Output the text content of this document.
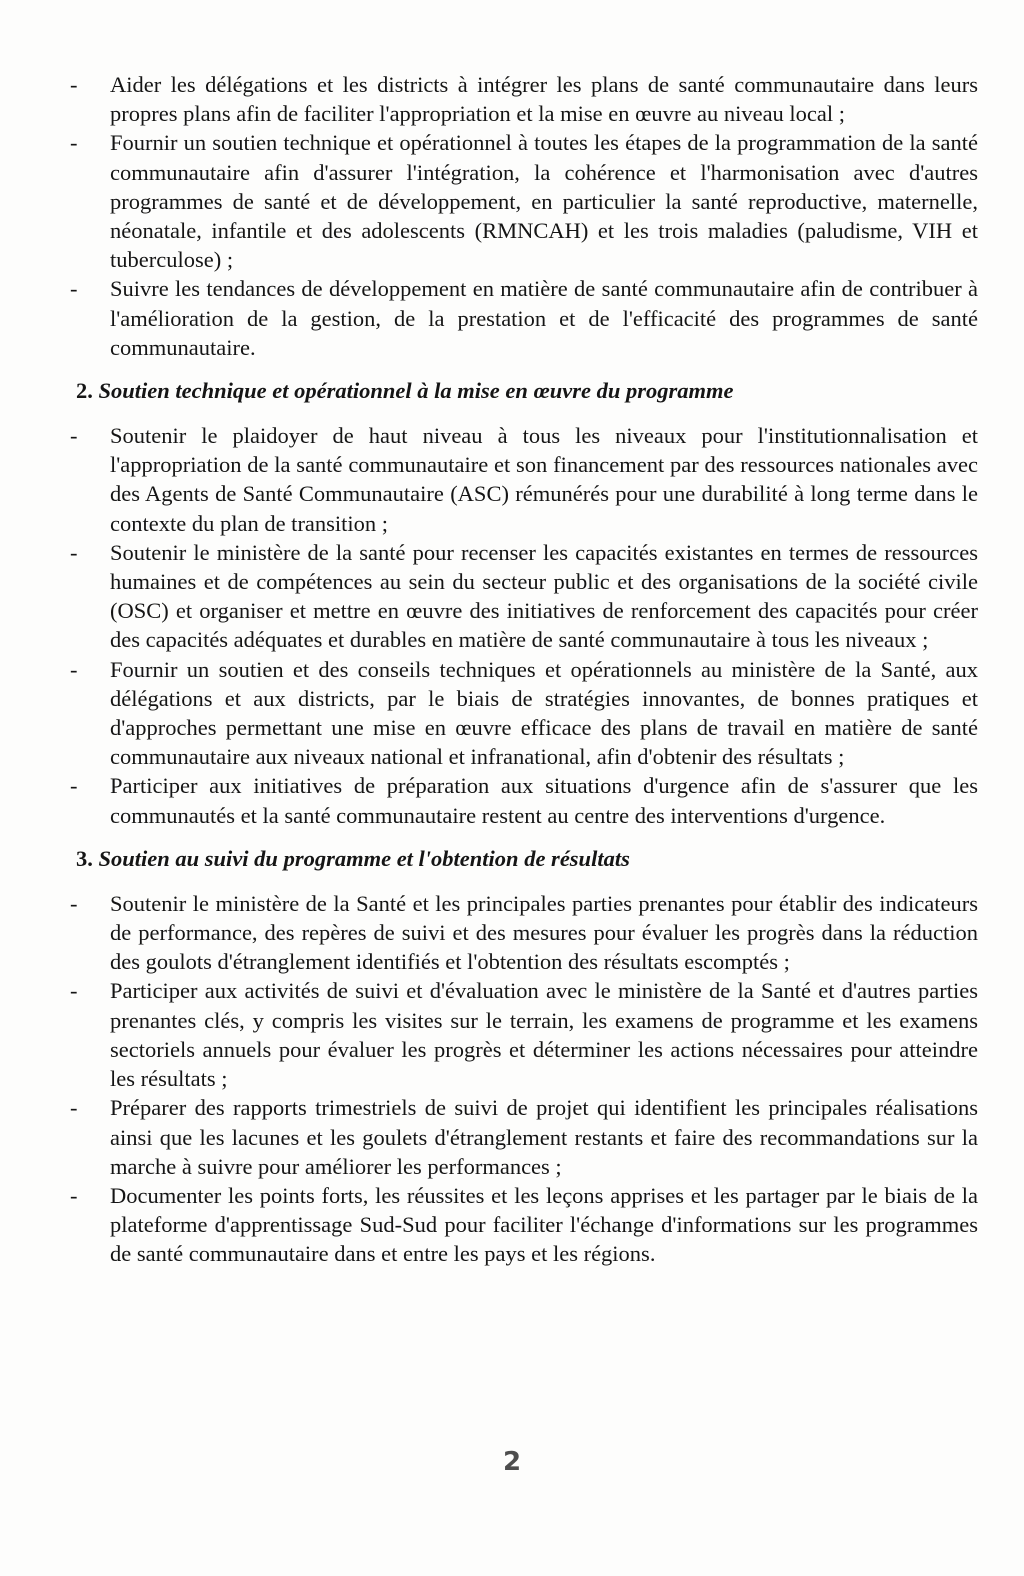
- Aider les délégations et les districts à intégrer les plans de santé communautaire dans leurs propres plans afin de faciliter l'appropriation et la mise en œuvre au niveau local ;
- Fournir un soutien technique et opérationnel à toutes les étapes de la programmation de la santé communautaire afin d'assurer l'intégration, la cohérence et l'harmonisation avec d'autres programmes de santé et de développement, en particulier la santé reproductive, maternelle, néonatale, infantile et des adolescents (RMNCAH) et les trois maladies (paludisme, VIH et tuberculose) ;
- Suivre les tendances de développement en matière de santé communautaire afin de contribuer à l'amélioration de la gestion, de la prestation et de l'efficacité des programmes de santé communautaire.
2. Soutien technique et opérationnel à la mise en œuvre du programme
- Soutenir le plaidoyer de haut niveau à tous les niveaux pour l'institutionnalisation et l'appropriation de la santé communautaire et son financement par des ressources nationales avec des Agents de Santé Communautaire (ASC) rémunérés pour une durabilité à long terme dans le contexte du plan de transition ;
- Soutenir le ministère de la santé pour recenser les capacités existantes en termes de ressources humaines et de compétences au sein du secteur public et des organisations de la société civile (OSC) et organiser et mettre en œuvre des initiatives de renforcement des capacités pour créer des capacités adéquates et durables en matière de santé communautaire à tous les niveaux ;
- Fournir un soutien et des conseils techniques et opérationnels au ministère de la Santé, aux délégations et aux districts, par le biais de stratégies innovantes, de bonnes pratiques et d'approches permettant une mise en œuvre efficace des plans de travail en matière de santé communautaire aux niveaux national et infranational, afin d'obtenir des résultats ;
- Participer aux initiatives de préparation aux situations d'urgence afin de s'assurer que les communautés et la santé communautaire restent au centre des interventions d'urgence.
3. Soutien au suivi du programme et l'obtention de résultats
- Soutenir le ministère de la Santé et les principales parties prenantes pour établir des indicateurs de performance, des repères de suivi et des mesures pour évaluer les progrès dans la réduction des goulots d'étranglement identifiés et l'obtention des résultats escomptés ;
- Participer aux activités de suivi et d'évaluation avec le ministère de la Santé et d'autres parties prenantes clés, y compris les visites sur le terrain, les examens de programme et les examens sectoriels annuels pour évaluer les progrès et déterminer les actions nécessaires pour atteindre les résultats ;
- Préparer des rapports trimestriels de suivi de projet qui identifient les principales réalisations ainsi que les lacunes et les goulets d'étranglement restants et faire des recommandations sur la marche à suivre pour améliorer les performances ;
- Documenter les points forts, les réussites et les leçons apprises et les partager par le biais de la plateforme d'apprentissage Sud-Sud pour faciliter l'échange d'informations sur les programmes de santé communautaire dans et entre les pays et les régions.
2
